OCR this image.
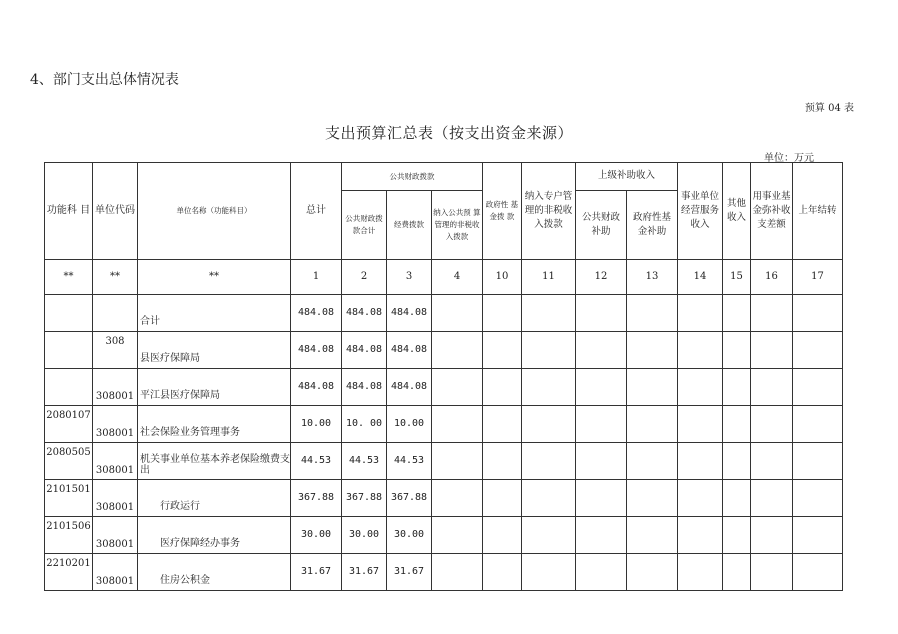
4、部门支出总体情况表
预算 04 表
支出预算汇总表（按支出资金来源）
单位：万元
功能科 目	单位代码	单位名称（功能科目）	总计	公共财政拨款			政府性 基金拨 款	纳入专户管理的非税收入拨款	上级补助收入		事业单位经营服务收入	其他收入	用事业基金弥补收支差额	上年结转
				公共财政拨款合计	经费拨款	纳入公共预 算管理的非税收入拨款			公共财政补助	政府性基金补助				
**	**	**	1	2	3	4	10	11	12	13	14	15	16	17
		合计	484.08	484.08	484.08									
	308	县医疗保障局	484.08	484.08	484.08									
	308001	平江县医疗保障局	484.08	484.08	484.08									
2080107	308001	社会保险业务管理事务	10.00	10. 00	10.00									
2080505	308001	机关事业单位基本养老保险缴费支出	44.53	44.53	44.53									
2101501	308001	行政运行	367.88	367.88	367.88									
2101506	308001	医疗保障经办事务	30.00	30.00	30.00									
2210201	308001	住房公积金	31.67	31.67	31.67									
